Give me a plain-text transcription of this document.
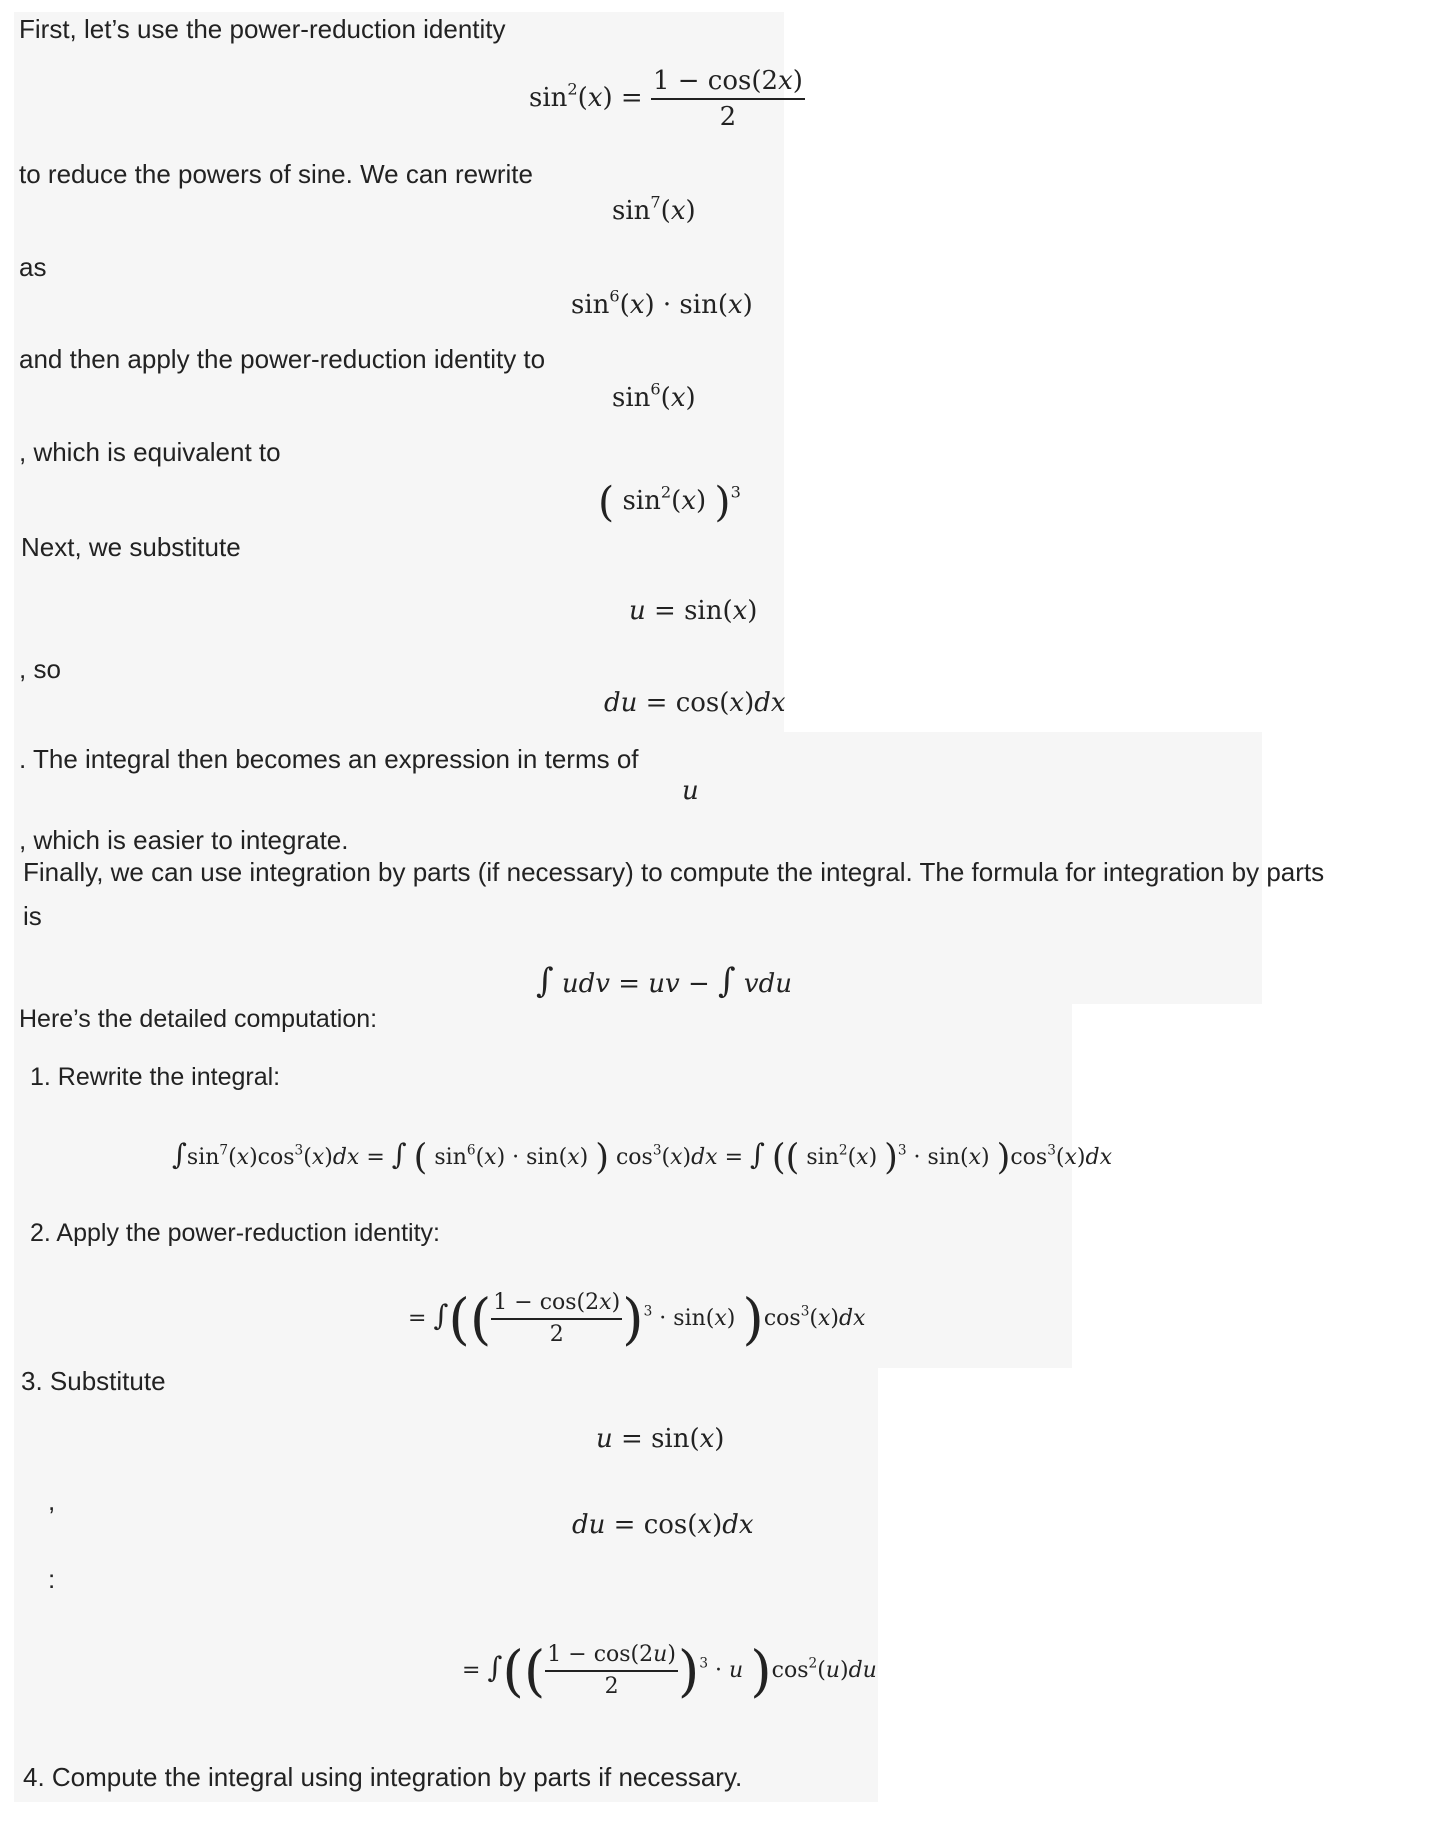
First, let’s use the power-reduction identity
to reduce the powers of sine. We can rewrite
as
and then apply the power-reduction identity to
, which is equivalent to
Next, we substitute
, so
. The integral then becomes an expression in terms of
, which is easier to integrate.
Finally, we can use integration by parts (if necessary) to compute the integral. The formula for integration by parts
is
Here’s the detailed computation:
1. Rewrite the integral:
2. Apply the power-reduction identity:
3. Substitute
,
:
4. Compute the integral using integration by parts if necessary.
$\sin^2(x) = \frac{1 - \cos(2x)}{2}$
$\sin^7(x)$
$\sin^6(x) \cdot \sin(x)$
$\sin^6(x)$
( $\sin^2(x)$ )$^3$
u = sin(x)
du = cos(x)dx
u
∫ udv = uv − ∫ vdu
$\int\sin^7(x)\cos^3(x)dx$ = ∫ ( $\sin^6(x) \cdot \sin(x)$ ) $\cos^3(x)dx$ = ∫ (( $\sin^2(x) )^3 \cdot \sin(x)$ )$\cos^3(x)dx$
= ∫(( $\frac{1 - \cos(2x)}{2} )^3 \cdot \sin(x)$ )$\cos^3(x)dx$
u = sin(x)
du = cos(x)dx
= ∫(( $\frac{1 - \cos(2u)}{2} )^3 \cdot u$ )$\cos^2(u)du$
